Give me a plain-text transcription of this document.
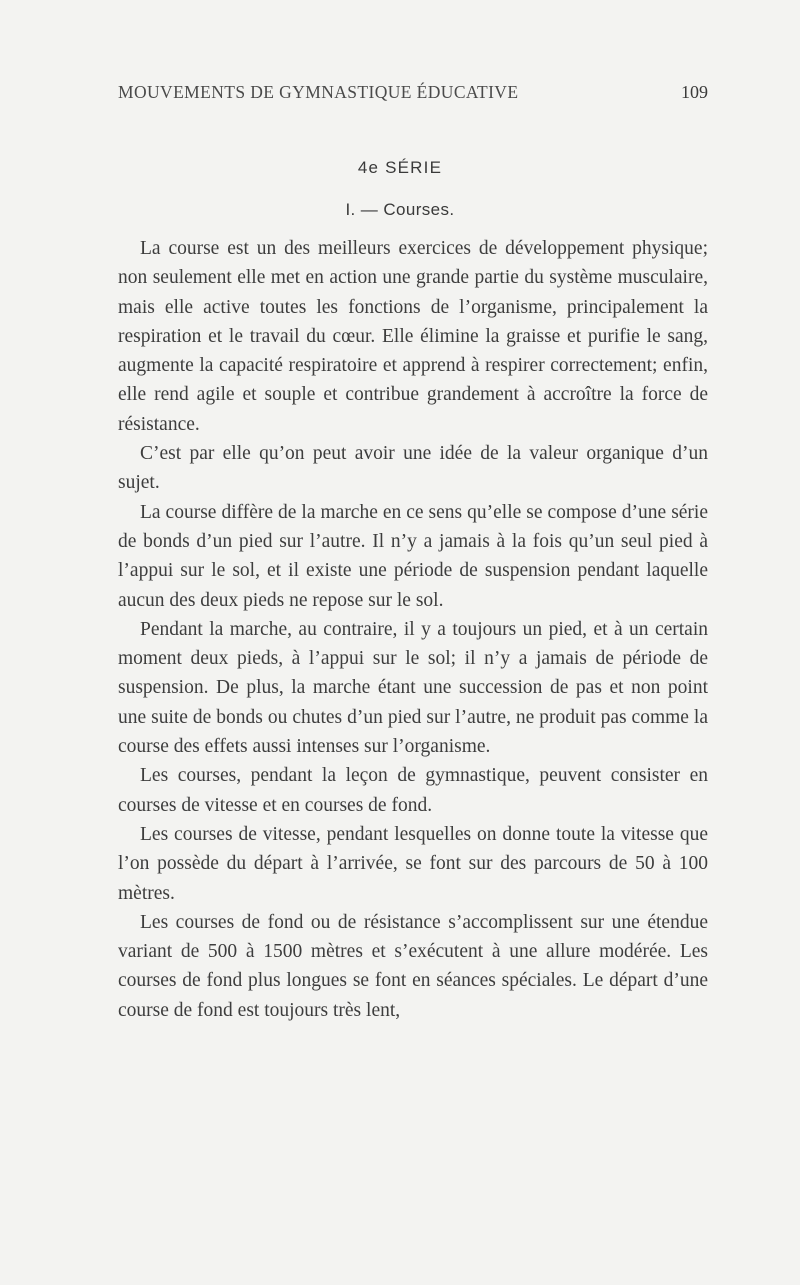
MOUVEMENTS DE GYMNASTIQUE ÉDUCATIVE	109
4e SÉRIE
I. — Courses.

La course est un des meilleurs exercices de développement physique; non seulement elle met en action une grande partie du système musculaire, mais elle active toutes les fonctions de l’organisme, principalement la respiration et le travail du cœur. Elle élimine la graisse et purifie le sang, augmente la capacité respiratoire et apprend à respirer correctement; enfin, elle rend agile et souple et contribue grandement à accroître la force de résistance.

C’est par elle qu’on peut avoir une idée de la valeur organique d’un sujet.

La course diffère de la marche en ce sens qu’elle se compose d’une série de bonds d’un pied sur l’autre. Il n’y a jamais à la fois qu’un seul pied à l’appui sur le sol, et il existe une période de suspension pendant laquelle aucun des deux pieds ne repose sur le sol.

Pendant la marche, au contraire, il y a toujours un pied, et à un certain moment deux pieds, à l’appui sur le sol; il n’y a jamais de période de suspension. De plus, la marche étant une succession de pas et non point une suite de bonds ou chutes d’un pied sur l’autre, ne produit pas comme la course des effets aussi intenses sur l’organisme.

Les courses, pendant la leçon de gymnastique, peuvent consister en courses de vitesse et en courses de fond.

Les courses de vitesse, pendant lesquelles on donne toute la vitesse que l’on possède du départ à l’arrivée, se font sur des parcours de 50 à 100 mètres.

Les courses de fond ou de résistance s’accomplissent sur une étendue variant de 500 à 1500 mètres et s’exécutent à une allure modérée. Les courses de fond plus longues se font en séances spéciales. Le départ d’une course de fond est toujours très lent,
